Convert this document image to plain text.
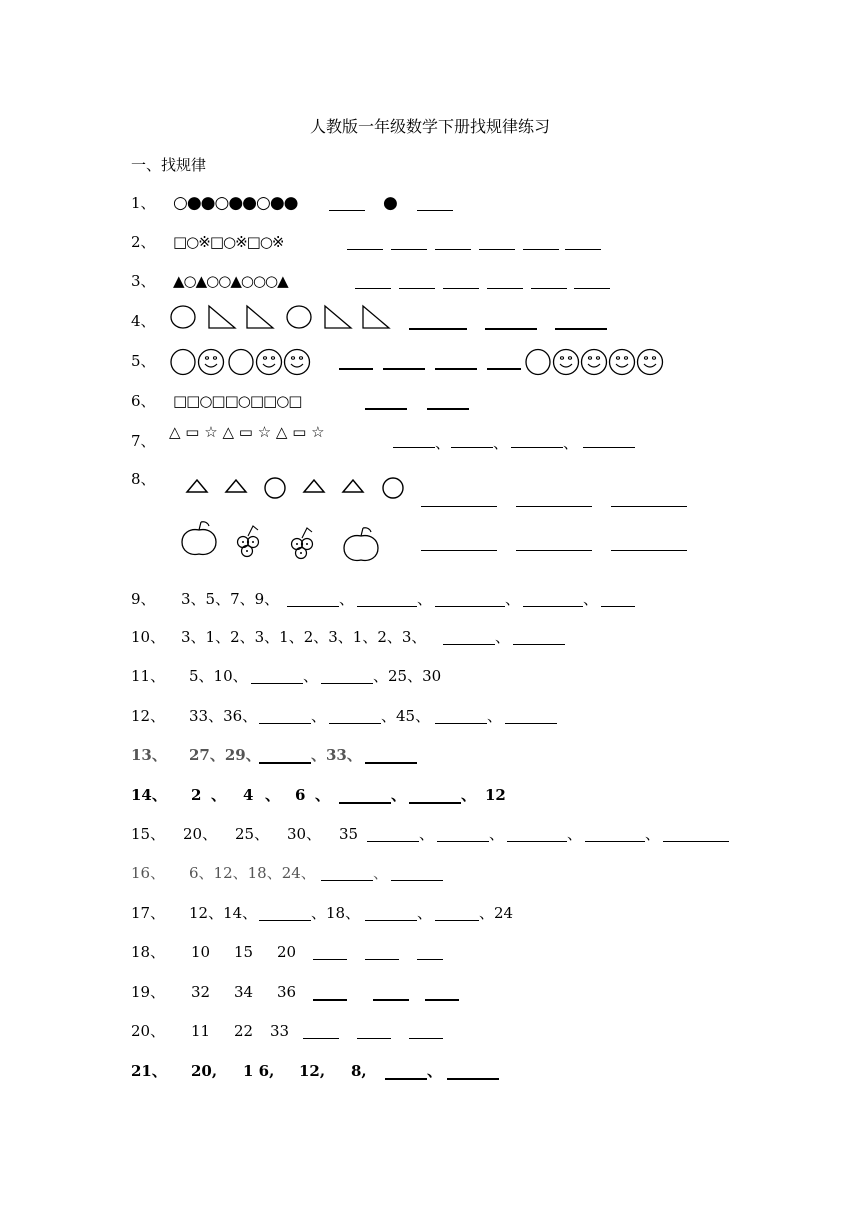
人教版一年级数学下册找规律练习
一、找规律
1、 ○●●○●●○●●	●
2、 □○※□○※□○※
3、 ▲○▲○○▲○○○▲
4、
5、
6、 □□○□□○□□○□
7、 △ ▭ ☆ △ ▭ ☆ △ ▭ ☆
、	、	、
8、
9、 3、5、7、9、	、	、	、	、
10、 3、1、2、3、1、2、3、1、2、3、	、
11、 5、10、	、	、25、30
12、 33、36、	、	、45、	、
13、 27、29、	、33、
14、 2 、 4 、 6 、	、	、 12
15、 20、 25、 30、 35	、	、	、	、
16、 6、12、18、24、	、
17、 12、14、	、18、	、	、24
18、 10 15 20
19、 32 34 36
20、 11 22 33
21、 20, 1 6, 12, 8,	、
